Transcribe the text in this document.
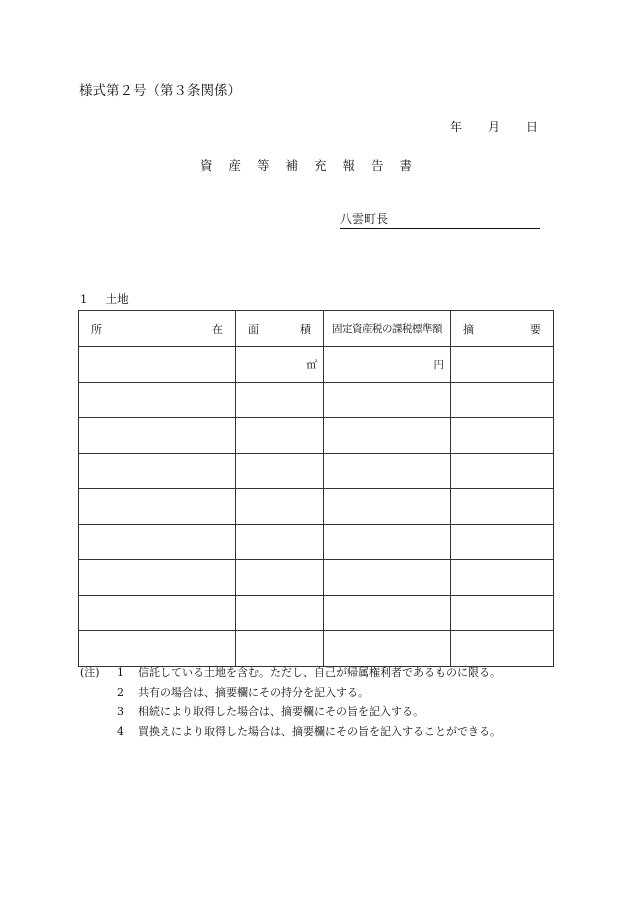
様式第２号（第３条関係）
年	月	日
資産等補充報告書
八雲町長
1 土地
所 在	面 積	固定資産税の課税標準額	摘 要

	㎡	円	

(注)	1	信託している土地を含む。ただし、自己が帰属権利者であるものに限る。
2	共有の場合は、摘要欄にその持分を記入する。
3	相続により取得した場合は、摘要欄にその旨を記入する。
4	買換えにより取得した場合は、摘要欄にその旨を記入することができる。
